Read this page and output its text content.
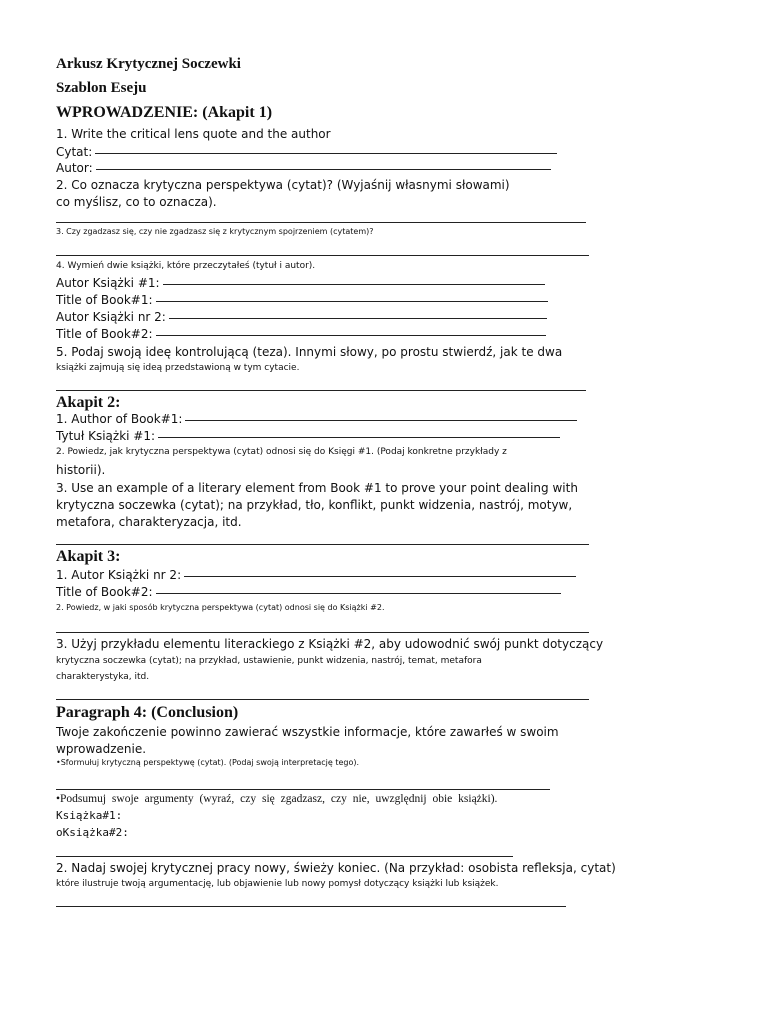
Arkusz Krytycznej Soczewki
Szablon Eseju
WPROWADZENIE: (Akapit 1)
1. Write the critical lens quote and the author
Cytat:
Autor:
2. Co oznacza krytyczna perspektywa (cytat)? (Wyjaśnij własnymi słowami)
co myślisz, co to oznacza).
3. Czy zgadzasz się, czy nie zgadzasz się z krytycznym spojrzeniem (cytatem)?
4. Wymień dwie książki, które przeczytałeś (tytuł i autor).
Autor Książki #1:
Title of Book#1:
Autor Książki nr 2:
Title of Book#2:
5. Podaj swoją ideę kontrolującą (teza). Innymi słowy, po prostu stwierdź, jak te dwa
książki zajmują się ideą przedstawioną w tym cytacie.
Akapit 2:
1. Author of Book#1:
Tytuł Książki #1:
2. Powiedz, jak krytyczna perspektywa (cytat) odnosi się do Księgi #1. (Podaj konkretne przykłady z
historii).
3. Use an example of a literary element from Book #1 to prove your point dealing with
krytyczna soczewka (cytat); na przykład, tło, konflikt, punkt widzenia, nastrój, motyw,
metafora, charakteryzacja, itd.
Akapit 3:
1. Autor Książki nr 2:
Title of Book#2:
2. Powiedz, w jaki sposób krytyczna perspektywa (cytat) odnosi się do Książki #2.
3. Użyj przykładu elementu literackiego z Książki #2, aby udowodnić swój punkt dotyczący
krytyczna soczewka (cytat); na przykład, ustawienie, punkt widzenia, nastrój, temat, metafora
charakterystyka, itd.
Paragraph 4: (Conclusion)
Twoje zakończenie powinno zawierać wszystkie informacje, które zawarłeś w swoim
wprowadzenie.
•Sformułuj krytyczną perspektywę (cytat). (Podaj swoją interpretację tego).
•Podsumuj swoje argumenty (wyraź, czy się zgadzasz, czy nie, uwzględnij obie książki).
Książka#1:
oKsiążka#2:
2. Nadaj swojej krytycznej pracy nowy, świeży koniec. (Na przykład: osobista refleksja, cytat)
które ilustruje twoją argumentację, lub objawienie lub nowy pomysł dotyczący książki lub książek.
